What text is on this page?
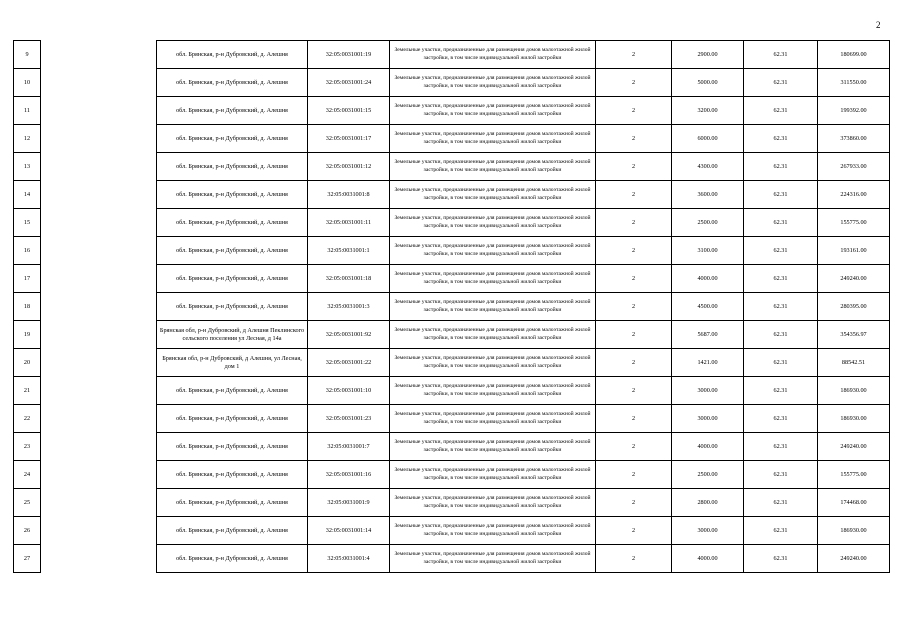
2
9		обл. Брянская, р-н Дубровский, д. Алешня	32:05:0031001:19	Земельные участки, предназначенные для размещения домов малоэтажной жилой застройки, в том числе индивидуальной жилой застройки	2	2900.00	62.31	180699.00
10		обл. Брянская, р-н Дубровский, д. Алешня	32:05:0031001:24	Земельные участки, предназначенные для размещения домов малоэтажной жилой застройки, в том числе индивидуальной жилой застройки	2	5000.00	62.31	311550.00
11		обл. Брянская, р-н Дубровский, д. Алешня	32:05:0031001:15	Земельные участки, предназначенные для размещения домов малоэтажной жилой застройки, в том числе индивидуальной жилой застройки	2	3200.00	62.31	199392.00
12		обл. Брянская, р-н Дубровский, д. Алешня	32:05:0031001:17	Земельные участки, предназначенные для размещения домов малоэтажной жилой застройки, в том числе индивидуальной жилой застройки	2	6000.00	62.31	373860.00
13		обл. Брянская, р-н Дубровский, д. Алешня	32:05:0031001:12	Земельные участки, предназначенные для размещения домов малоэтажной жилой застройки, в том числе индивидуальной жилой застройки	2	4300.00	62.31	267933.00
14		обл. Брянская, р-н Дубровский, д. Алешня	32:05:0031001:8	Земельные участки, предназначенные для размещения домов малоэтажной жилой застройки, в том числе индивидуальной жилой застройки	2	3600.00	62.31	224316.00
15		обл. Брянская, р-н Дубровский, д. Алешня	32:05:0031001:11	Земельные участки, предназначенные для размещения домов малоэтажной жилой застройки, в том числе индивидуальной жилой застройки	2	2500.00	62.31	155775.00
16		обл. Брянская, р-н Дубровский, д. Алешня	32:05:0031001:1	Земельные участки, предназначенные для размещения домов малоэтажной жилой застройки, в том числе индивидуальной жилой застройки	2	3100.00	62.31	193161.00
17		обл. Брянская, р-н Дубровский, д. Алешня	32:05:0031001:18	Земельные участки, предназначенные для размещения домов малоэтажной жилой застройки, в том числе индивидуальной жилой застройки	2	4000.00	62.31	249240.00
18		обл. Брянская, р-н Дубровский, д. Алешня	32:05:0031001:3	Земельные участки, предназначенные для размещения домов малоэтажной жилой застройки, в том числе индивидуальной жилой застройки	2	4500.00	62.31	280395.00
19		Брянская обл, р-н Дубровский, д Алешня Пеклинского сельского поселения ул Лесная, д 14а	32:05:0031001:92	Земельные участки, предназначенные для размещения домов малоэтажной жилой застройки, в том числе индивидуальной жилой застройки	2	5687.00	62.31	354356.97
20		Брянская обл, р-н Дубровский, д Алешня, ул Лесная, дом 1	32:05:0031001:22	Земельные участки, предназначенные для размещения домов малоэтажной жилой застройки, в том числе индивидуальной жилой застройки	2	1421.00	62.31	88542.51
21		обл. Брянская, р-н Дубровский, д. Алешня	32:05:0031001:10	Земельные участки, предназначенные для размещения домов малоэтажной жилой застройки, в том числе индивидуальной жилой застройки	2	3000.00	62.31	186930.00
22		обл. Брянская, р-н Дубровский, д. Алешня	32:05:0031001:23	Земельные участки, предназначенные для размещения домов малоэтажной жилой застройки, в том числе индивидуальной жилой застройки	2	3000.00	62.31	186930.00
23		обл. Брянская, р-н Дубровский, д. Алешня	32:05:0031001:7	Земельные участки, предназначенные для размещения домов малоэтажной жилой застройки, в том числе индивидуальной жилой застройки	2	4000.00	62.31	249240.00
24		обл. Брянская, р-н Дубровский, д. Алешня	32:05:0031001:16	Земельные участки, предназначенные для размещения домов малоэтажной жилой застройки, в том числе индивидуальной жилой застройки	2	2500.00	62.31	155775.00
25		обл. Брянская, р-н Дубровский, д. Алешня	32:05:0031001:9	Земельные участки, предназначенные для размещения домов малоэтажной жилой застройки, в том числе индивидуальной жилой застройки	2	2800.00	62.31	174468.00
26		обл. Брянская, р-н Дубровский, д. Алешня	32:05:0031001:14	Земельные участки, предназначенные для размещения домов малоэтажной жилой застройки, в том числе индивидуальной жилой застройки	2	3000.00	62.31	186930.00
27		обл. Брянская, р-н Дубровский, д. Алешня	32:05:0031001:4	Земельные участки, предназначенные для размещения домов малоэтажной жилой застройки, в том числе индивидуальной жилой застройки	2	4000.00	62.31	249240.00
